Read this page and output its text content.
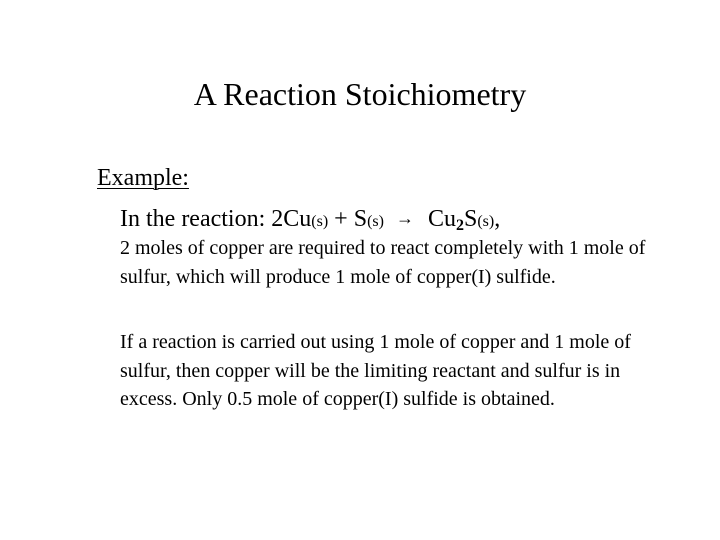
A Reaction Stoichiometry
Example:
In the reaction: $2Cu(s) + S(s) \to Cu_2S(s)$,
2 moles of copper are required to react completely with 1 mole of sulfur, which will produce 1 mole of copper(I) sulfide.
If a reaction is carried out using 1 mole of copper and 1 mole of sulfur, then copper will be the limiting reactant and sulfur is in excess. Only 0.5 mole of copper(I) sulfide is obtained.
